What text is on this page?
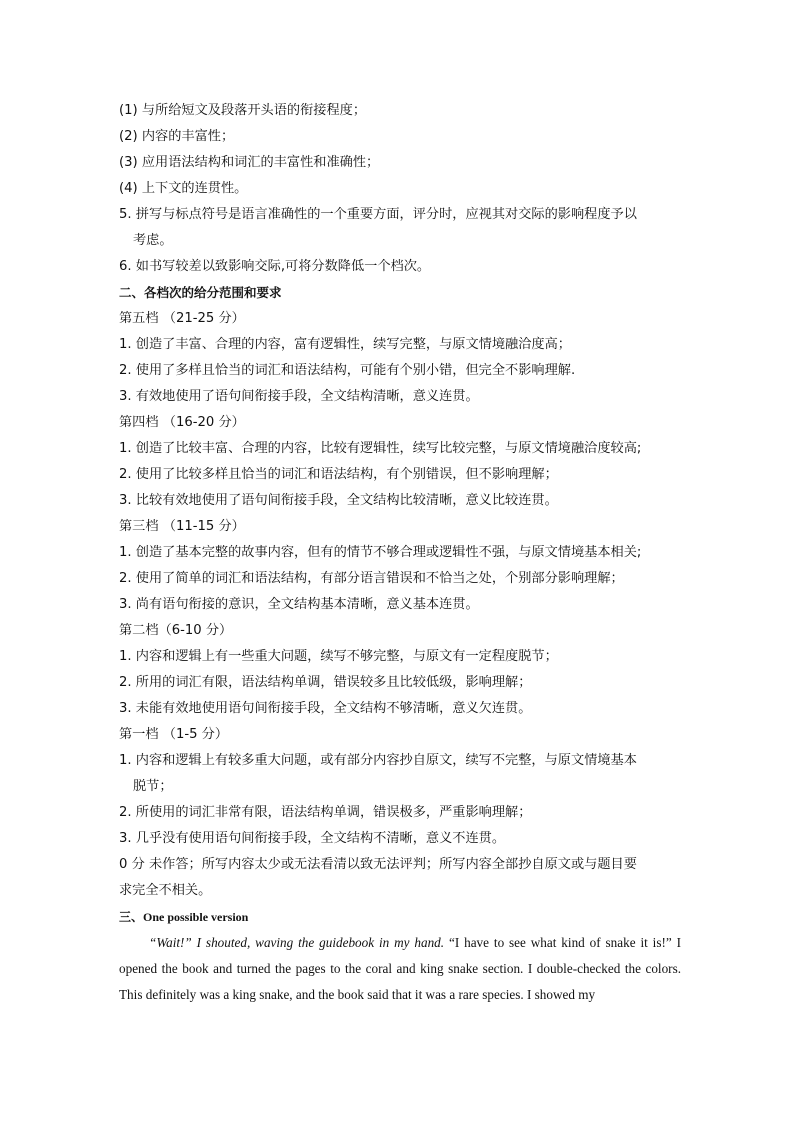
(1) 与所给短文及段落开头语的衔接程度；
(2) 内容的丰富性；
(3) 应用语法结构和词汇的丰富性和准确性；
(4) 上下文的连贯性。
5. 拼写与标点符号是语言准确性的一个重要方面，评分时，应视其对交际的影响程度予以
考虑。
6. 如书写较差以致影响交际,可将分数降低一个档次。
二、各档次的给分范围和要求
第五档 （21-25 分）
1. 创造了丰富、合理的内容，富有逻辑性，续写完整，与原文情境融洽度高；
2. 使用了多样且恰当的词汇和语法结构，可能有个别小错，但完全不影响理解.
3. 有效地使用了语句间衔接手段，全文结构清晰，意义连贯。
第四档 （16-20 分）
1. 创造了比较丰富、合理的内容，比较有逻辑性，续写比较完整，与原文情境融洽度较高;
2. 使用了比较多样且恰当的词汇和语法结构，有个别错误，但不影响理解；
3. 比较有效地使用了语句间衔接手段，全文结构比较清晰，意义比较连贯。
第三档 （11-15 分）
1. 创造了基本完整的故事内容，但有的情节不够合理或逻辑性不强，与原文情境基本相关;
2. 使用了简单的词汇和语法结构，有部分语言错误和不恰当之处，个别部分影响理解；
3. 尚有语句衔接的意识，全文结构基本清晰，意义基本连贯。
第二档（6-10 分）
1. 内容和逻辑上有一些重大问题，续写不够完整，与原文有一定程度脱节；
2. 所用的词汇有限，语法结构单调，错误较多且比较低级，影响理解；
3. 未能有效地使用语句间衔接手段，全文结构不够清晰，意义欠连贯。
第一档 （1-5 分）
1. 内容和逻辑上有较多重大问题，或有部分内容抄自原文，续写不完整，与原文情境基本
脱节；
2. 所使用的词汇非常有限，语法结构单调，错误极多，严重影响理解；
3. 几乎没有使用语句间衔接手段，全文结构不清晰，意义不连贯。
0 分 未作答；所写内容太少或无法看清以致无法评判；所写内容全部抄自原文或与题目要
求完全不相关。
三、One possible version
“Wait!” I shouted, waving the guidebook in my hand. “I have to see what kind of snake it is!” I opened the book and turned the pages to the coral and king snake section. I double-checked the colors. This definitely was a king snake, and the book said that it was a rare species. I showed my
